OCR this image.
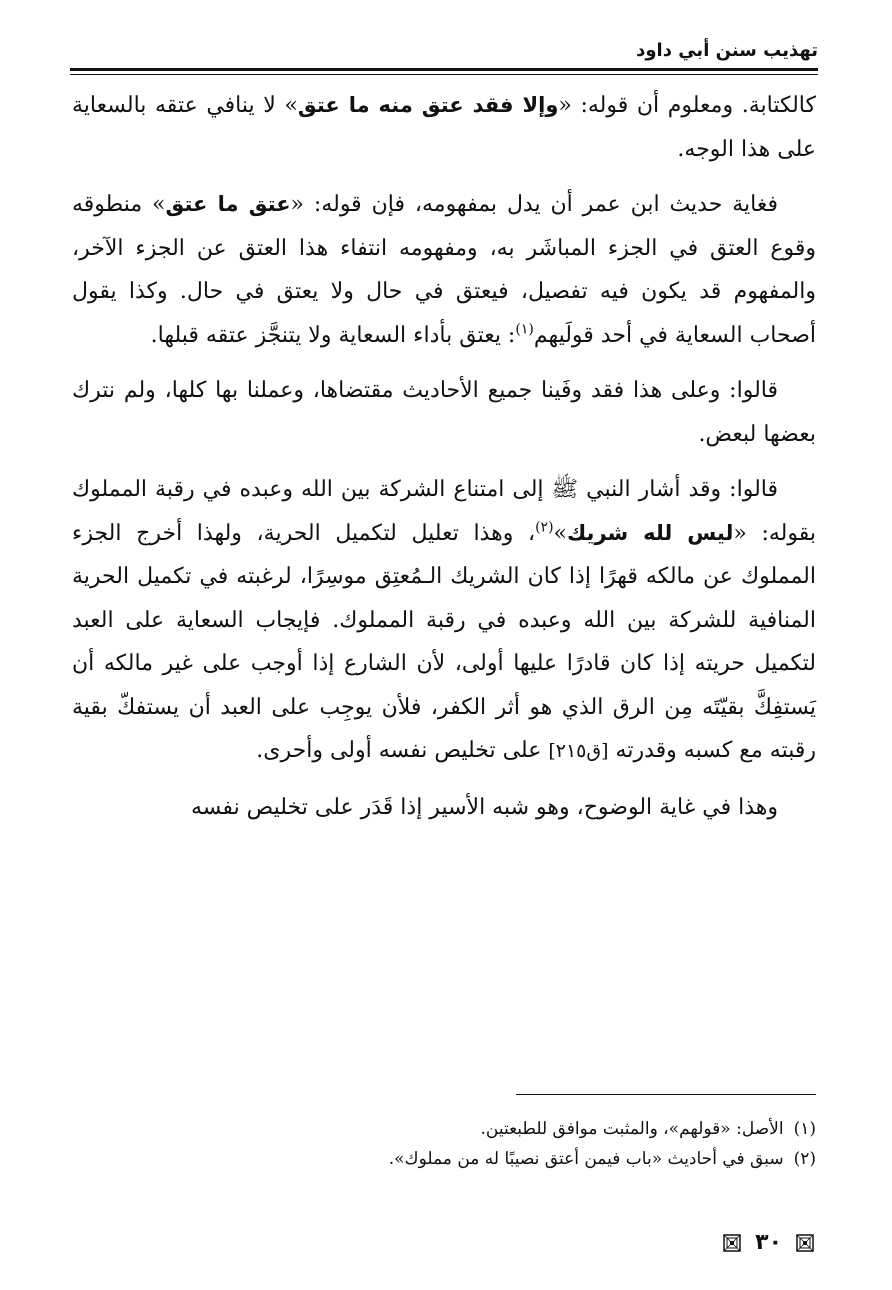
تهذيب سنن أبي داود

كالكتابة. ومعلوم أن قوله: «وإلا فقد عتق منه ما عتق» لا ينافي عتقه بالسعاية على هذا الوجه.

فغاية حديث ابن عمر أن يدل بمفهومه، فإن قوله: «عتق ما عتق» منطوقه وقوع العتق في الجزء المباشَر به، ومفهومه انتفاء هذا العتق عن الجزء الآخر، والمفهوم قد يكون فيه تفصيل، فيعتق في حال ولا يعتق في حال. وكذا يقول أصحاب السعاية في أحد قولَيهم$^{(١)}$: يعتق بأداء السعاية ولا يتنجَّز عتقه قبلها.

قالوا: وعلى هذا فقد وفَينا جميع الأحاديث مقتضاها، وعملنا بها كلها، ولم نترك بعضها لبعض.

قالوا: وقد أشار النبي ﷺ إلى امتناع الشركة بين الله وعبده في رقبة المملوك بقوله: «ليس لله شريك»$^{(٢)}$، وهذا تعليل لتكميل الحرية، ولهذا أخرج الجزء المملوك عن مالكه قهرًا إذا كان الشريك الـمُعتِق موسِرًا، لرغبته في تكميل الحرية المنافية للشركة بين الله وعبده في رقبة المملوك. فإيجاب السعاية على العبد لتكميل حريته إذا كان قادرًا عليها أولى، لأن الشارع إذا أوجب على غير مالكه أن يَستفِكَّ بقيّتَه مِن الرق الذي هو أثر الكفر، فلأن يوجِب على العبد أن يستفكّ بقية رقبته مع كسبه وقدرته [ق٢١٥] على تخليص نفسه أولى وأحرى.

وهذا في غاية الوضوح، وهو شبه الأسير إذا قَدَر على تخليص نفسه

(١)الأصل: «قولهم»، والمثبت موافق للطبعتين.

(٢)سبق في أحاديث «باب فيمن أعتق نصيبًا له من مملوك».

٣٠
